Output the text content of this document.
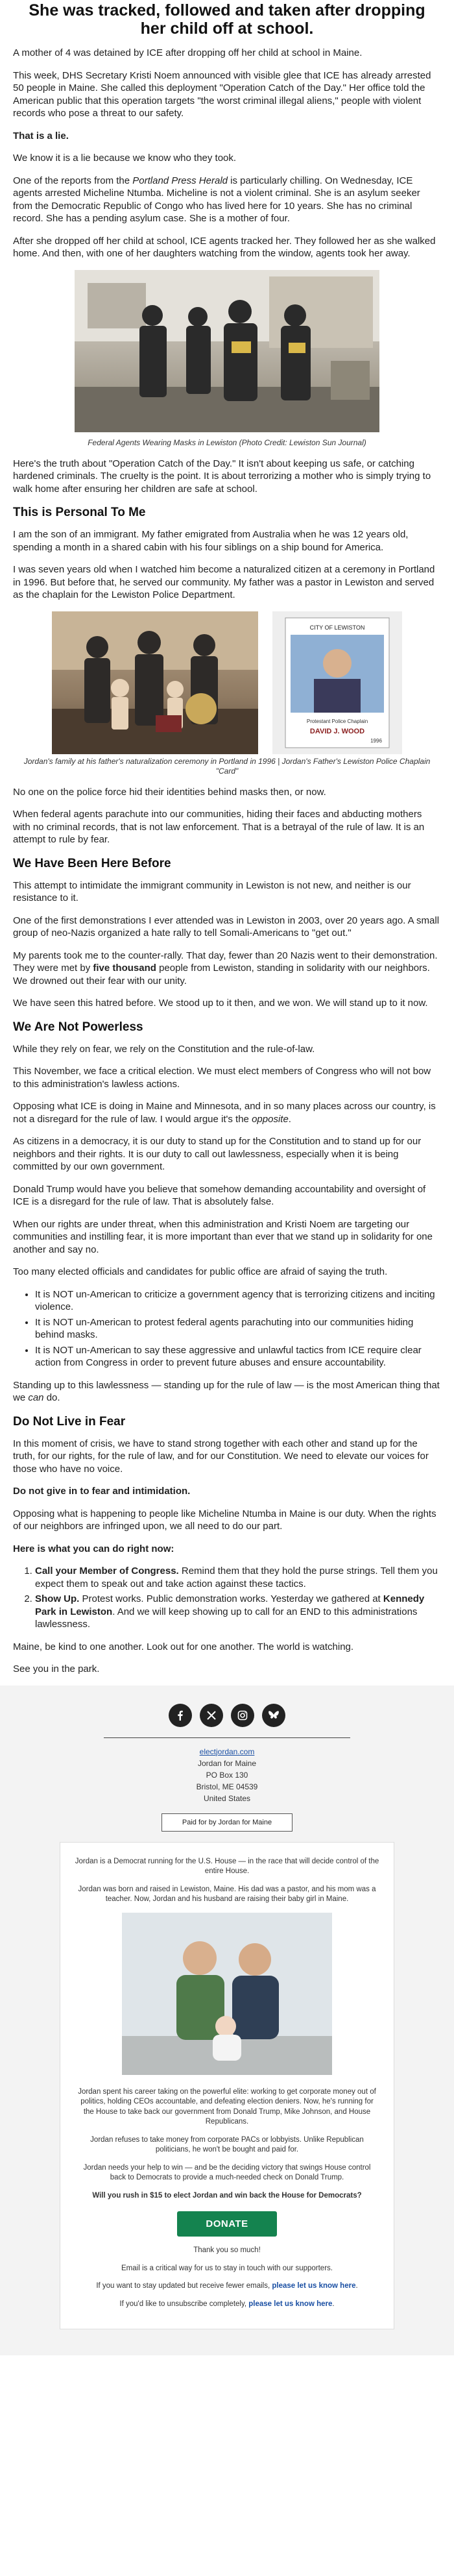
She was tracked, followed and taken after dropping her child off at school.

A mother of 4 was detained by ICE after dropping off her child at school in Maine.

This week, DHS Secretary Kristi Noem announced with visible glee that ICE has already arrested 50 people in Maine. She called this deployment "Operation Catch of the Day." Her office told the American public that this operation targets "the worst criminal illegal aliens," people with violent records who pose a threat to our safety.

That is a lie.

We know it is a lie because we know who they took.

One of the reports from the Portland Press Herald is particularly chilling. On Wednesday, ICE agents arrested Micheline Ntumba. Micheline is not a violent criminal. She is an asylum seeker from the Democratic Republic of Congo who has lived here for 10 years. She has no criminal record. She has a pending asylum case. She is a mother of four.

After she dropped off her child at school, ICE agents tracked her. They followed her as she walked home. And then, with one of her daughters watching from the window, agents took her away.

Federal Agents Wearing Masks in Lewiston (Photo Credit: Lewiston Sun Journal)

Here's the truth about "Operation Catch of the Day." It isn't about keeping us safe, or catching hardened criminals. The cruelty is the point. It is about terrorizing a mother who is simply trying to walk home after ensuring her children are safe at school.

This is Personal To Me

I am the son of an immigrant. My father emigrated from Australia when he was 12 years old, spending a month in a shared cabin with his four siblings on a ship bound for America.

I was seven years old when I watched him become a naturalized citizen at a ceremony in Portland in 1996. But before that, he served our community. My father was a pastor in Lewiston and served as the chaplain for the Lewiston Police Department.

CITY OF LEWISTON
Protestant Police Chaplain
DAVID J. WOOD
1996
Jordan's family at his father's naturalization ceremony in Portland in 1996 | Jordan's Father's Lewiston Police Chaplain "Card"

No one on the police force hid their identities behind masks then, or now.

When federal agents parachute into our communities, hiding their faces and abducting mothers with no criminal records, that is not law enforcement. That is a betrayal of the rule of law. It is an attempt to rule by fear.

We Have Been Here Before

This attempt to intimidate the immigrant community in Lewiston is not new, and neither is our resistance to it.

One of the first demonstrations I ever attended was in Lewiston in 2003, over 20 years ago. A small group of neo-Nazis organized a hate rally to tell Somali-Americans to "get out."

My parents took me to the counter-rally. That day, fewer than 20 Nazis went to their demonstration. They were met by five thousand people from Lewiston, standing in solidarity with our neighbors. We drowned out their fear with our unity.

We have seen this hatred before. We stood up to it then, and we won. We will stand up to it now.

We Are Not Powerless

While they rely on fear, we rely on the Constitution and the rule-of-law.

This November, we face a critical election. We must elect members of Congress who will not bow to this administration's lawless actions.

Opposing what ICE is doing in Maine and Minnesota, and in so many places across our country, is not a disregard for the rule of law. I would argue it's the opposite.

As citizens in a democracy, it is our duty to stand up for the Constitution and to stand up for our neighbors and their rights. It is our duty to call out lawlessness, especially when it is being committed by our own government.

Donald Trump would have you believe that somehow demanding accountability and oversight of ICE is a disregard for the rule of law. That is absolutely false.

When our rights are under threat, when this administration and Kristi Noem are targeting our communities and instilling fear, it is more important than ever that we stand up in solidarity for one another and say no.

Too many elected officials and candidates for public office are afraid of saying the truth.

• It is NOT un-American to criticize a government agency that is terrorizing citizens and inciting violence.
• It is NOT un-American to protest federal agents parachuting into our communities hiding behind masks.
• It is NOT un-American to say these aggressive and unlawful tactics from ICE require clear action from Congress in order to prevent future abuses and ensure accountability.

Standing up to this lawlessness — standing up for the rule of law — is the most American thing that we can do.

Do Not Live in Fear

In this moment of crisis, we have to stand strong together with each other and stand up for the truth, for our rights, for the rule of law, and for our Constitution. We need to elevate our voices for those who have no voice.

Do not give in to fear and intimidation.

Opposing what is happening to people like Micheline Ntumba in Maine is our duty. When the rights of our neighbors are infringed upon, we all need to do our part.

Here is what you can do right now:

1. Call your Member of Congress. Remind them that they hold the purse strings. Tell them you expect them to speak out and take action against these tactics.
2. Show Up. Protest works. Public demonstration works. Yesterday we gathered at Kennedy Park in Lewiston. And we will keep showing up to call for an END to this administrations lawlessness.

Maine, be kind to one another. Look out for one another. The world is watching.

See you in the park.

electjordan.com
Jordan for Maine
PO Box 130
Bristol, ME 04539
United States
Paid for by Jordan for Maine

Jordan is a Democrat running for the U.S. House — in the race that will decide control of the entire House.

Jordan was born and raised in Lewiston, Maine. His dad was a pastor, and his mom was a teacher. Now, Jordan and his husband are raising their baby girl in Maine.

Jordan spent his career taking on the powerful elite: working to get corporate money out of politics, holding CEOs accountable, and defeating election deniers. Now, he's running for the House to take back our government from Donald Trump, Mike Johnson, and House Republicans.

Jordan refuses to take money from corporate PACs or lobbyists. Unlike Republican politicians, he won't be bought and paid for.

Jordan needs your help to win — and be the deciding victory that swings House control back to Democrats to provide a much-needed check on Donald Trump.

Will you rush in $15 to elect Jordan and win back the House for Democrats?

DONATE

Thank you so much!

Email is a critical way for us to stay in touch with our supporters.

If you want to stay updated but receive fewer emails, please let us know here.

If you'd like to unsubscribe completely, please let us know here.
